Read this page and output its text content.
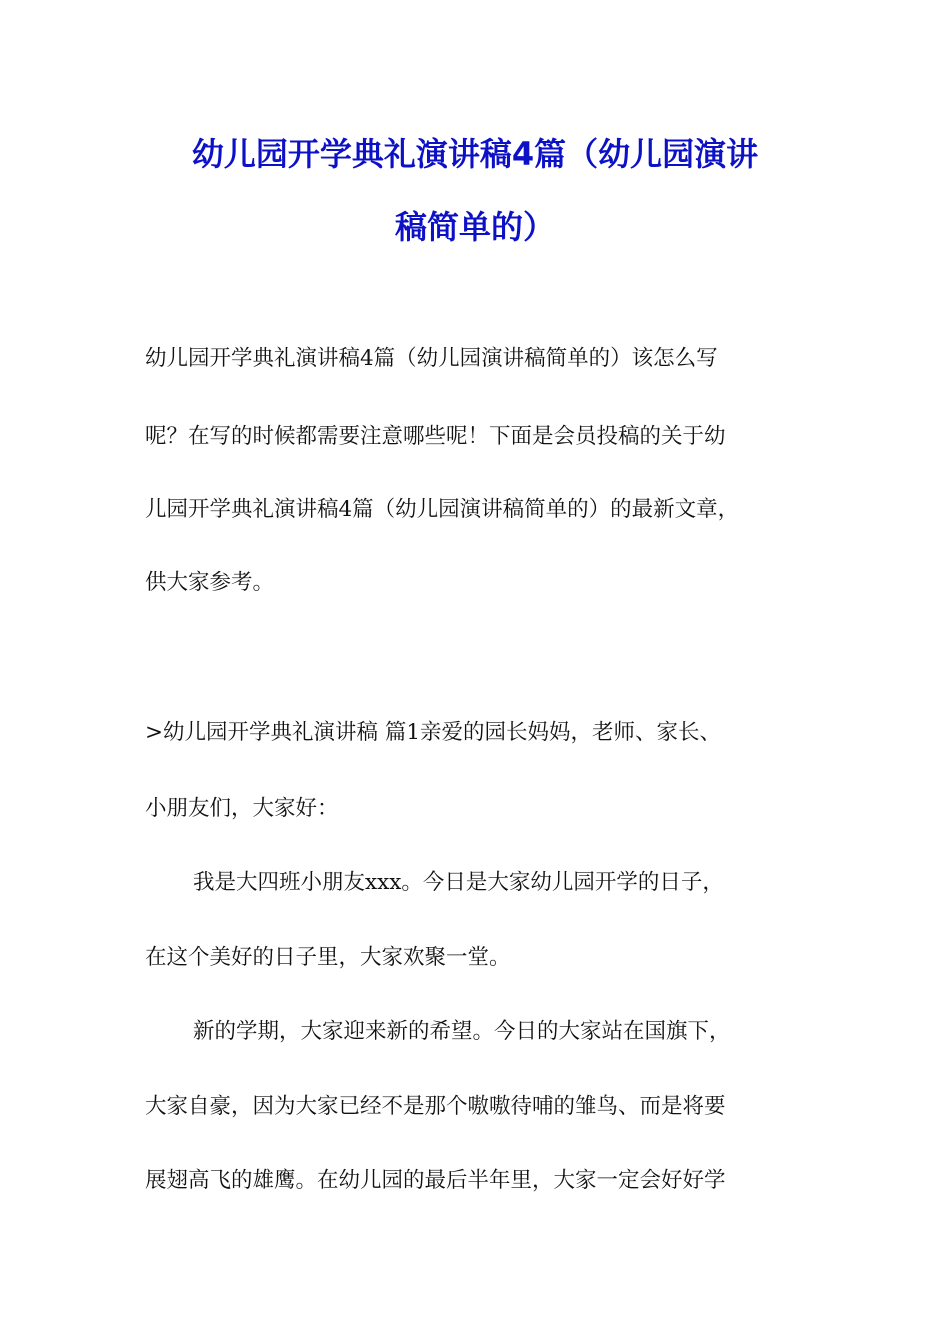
幼儿园开学典礼演讲稿4篇（幼儿园演讲
稿简单的）
幼儿园开学典礼演讲稿4篇（幼儿园演讲稿简单的）该怎么写
呢？在写的时候都需要注意哪些呢！下面是会员投稿的关于幼
儿园开学典礼演讲稿4篇（幼儿园演讲稿简单的）的最新文章，
供大家参考。
>幼儿园开学典礼演讲稿 篇1亲爱的园长妈妈，老师、家长、
小朋友们，大家好：
我是大四班小朋友xxx。今日是大家幼儿园开学的日子，
在这个美好的日子里，大家欢聚一堂。
新的学期，大家迎来新的希望。今日的大家站在国旗下，
大家自豪，因为大家已经不是那个嗷嗷待哺的雏鸟、而是将要
展翅高飞的雄鹰。在幼儿园的最后半年里，大家一定会好好学
